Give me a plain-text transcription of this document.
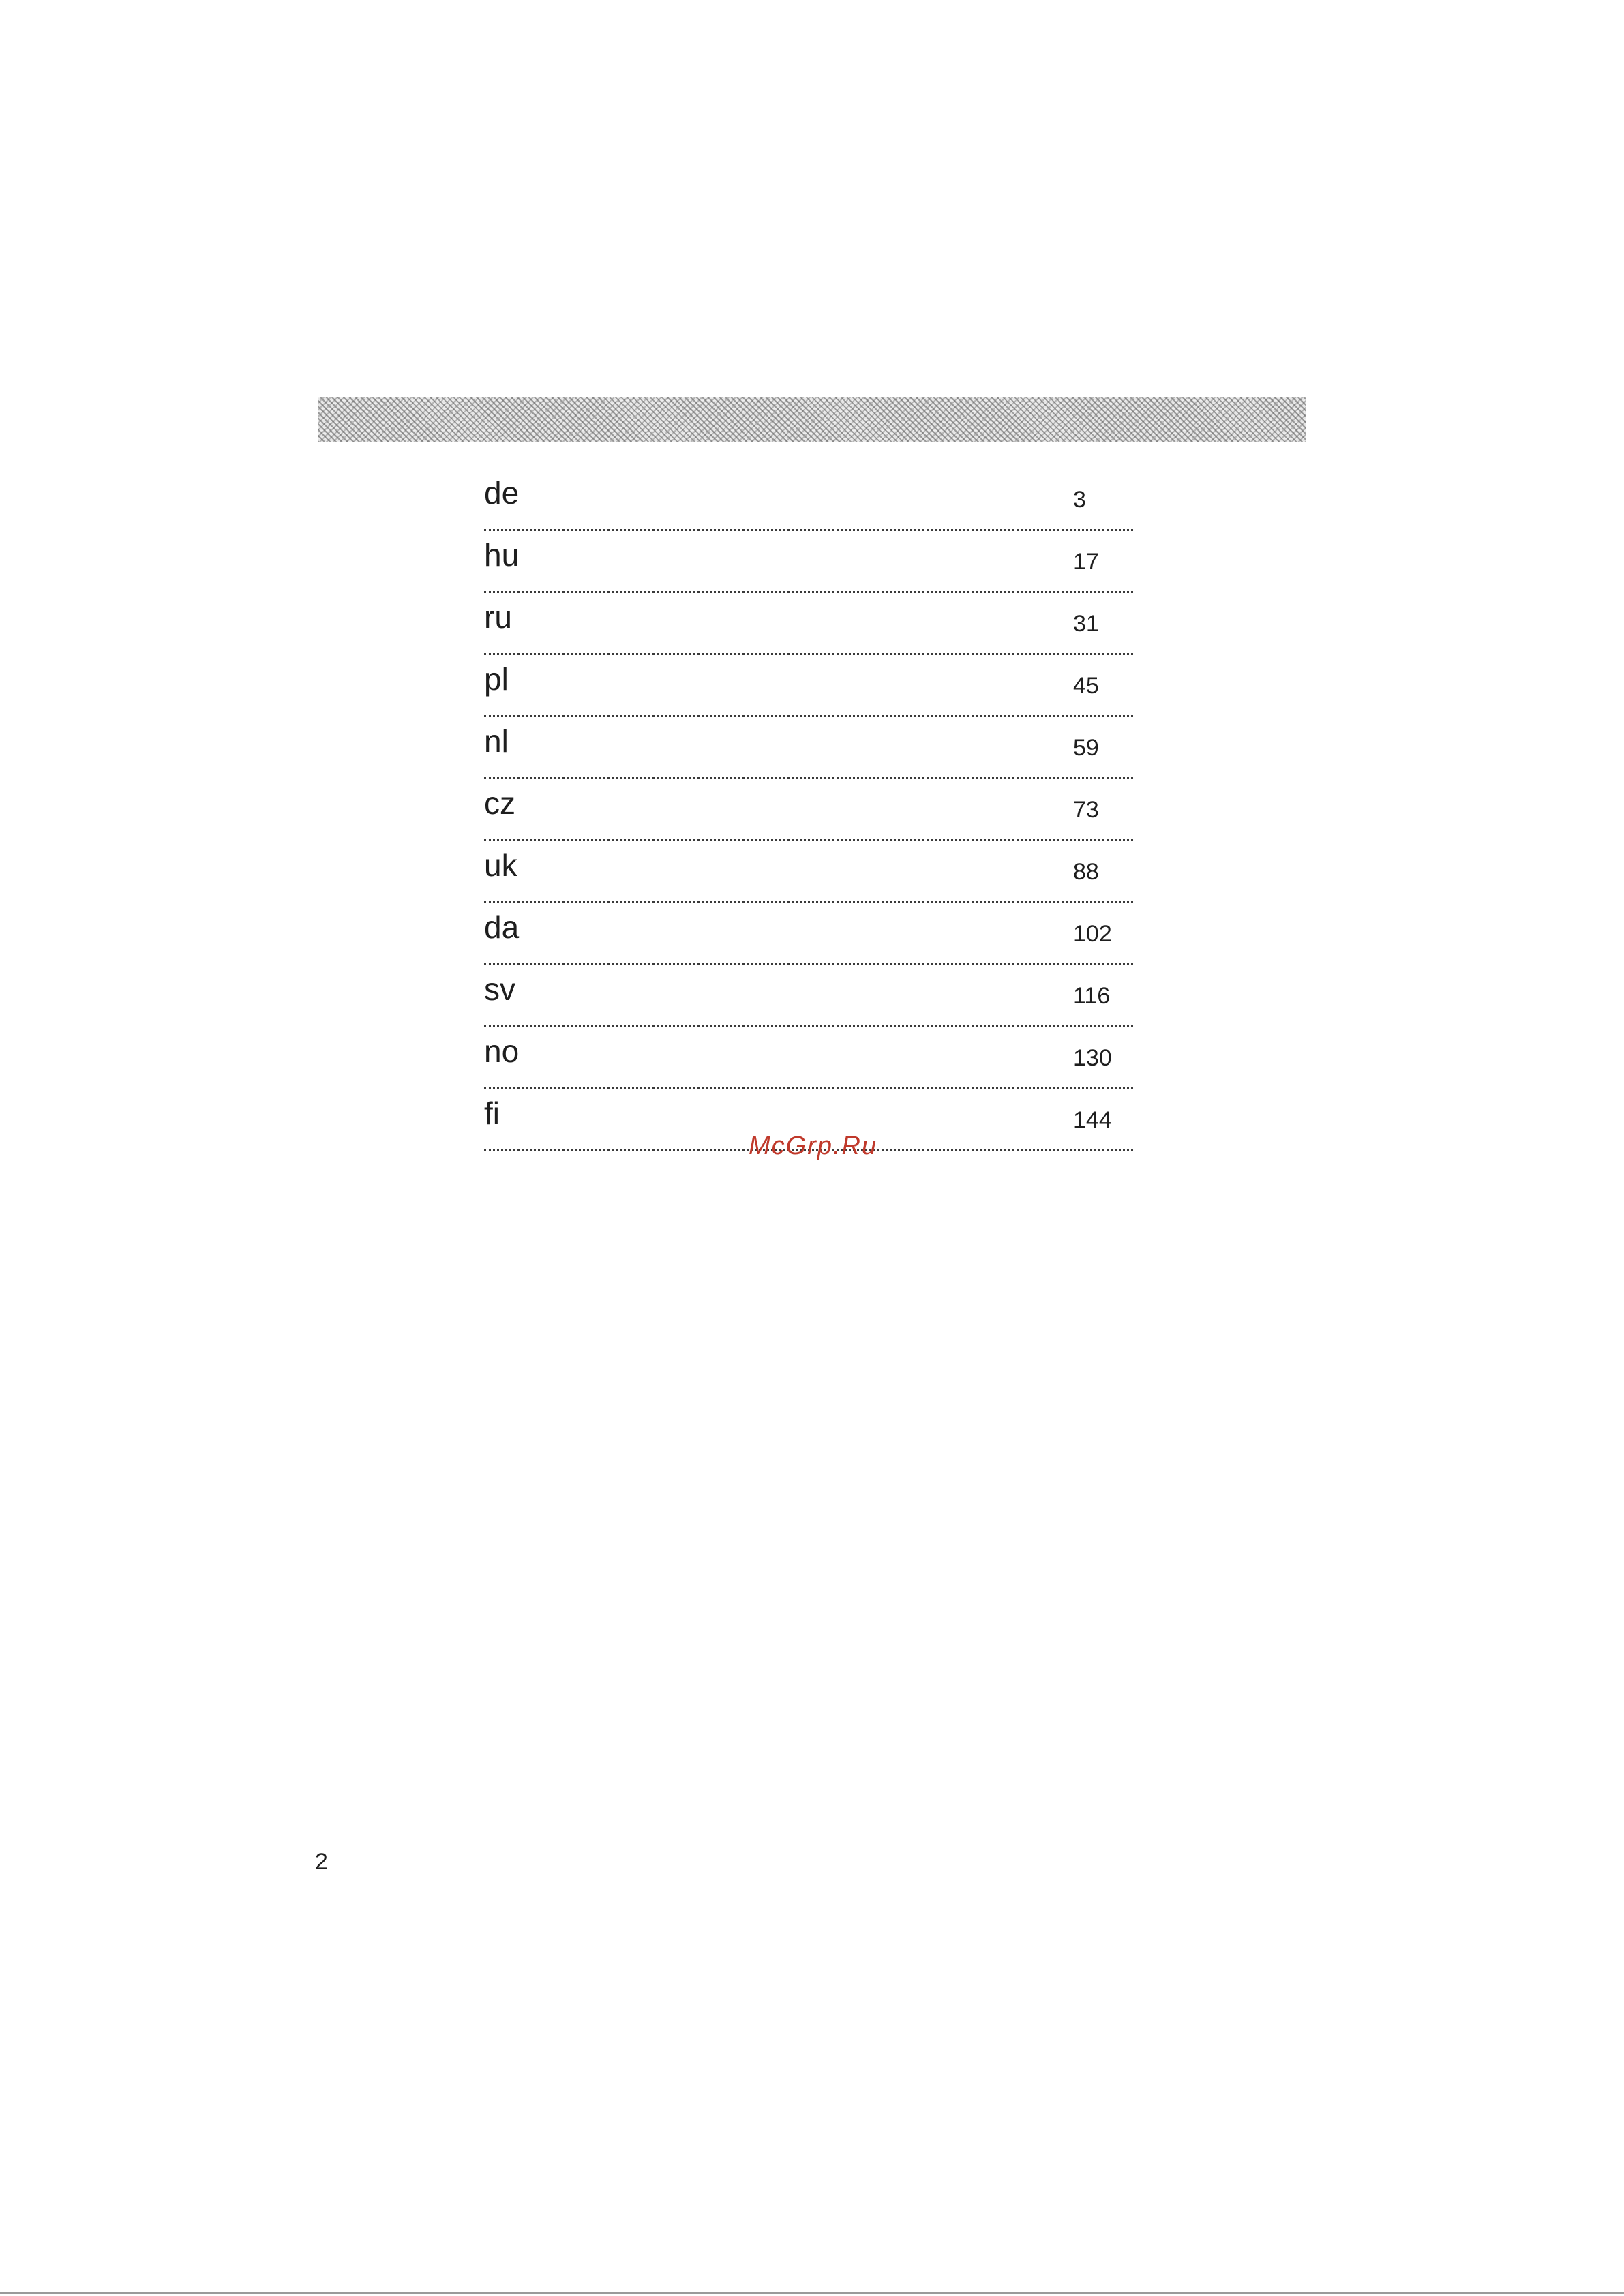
de	3
hu	17
ru	31
pl	45
nl	59
cz	73
uk	88
da	102
sv	116
no	130
fi	144
McGrp.Ru
2
